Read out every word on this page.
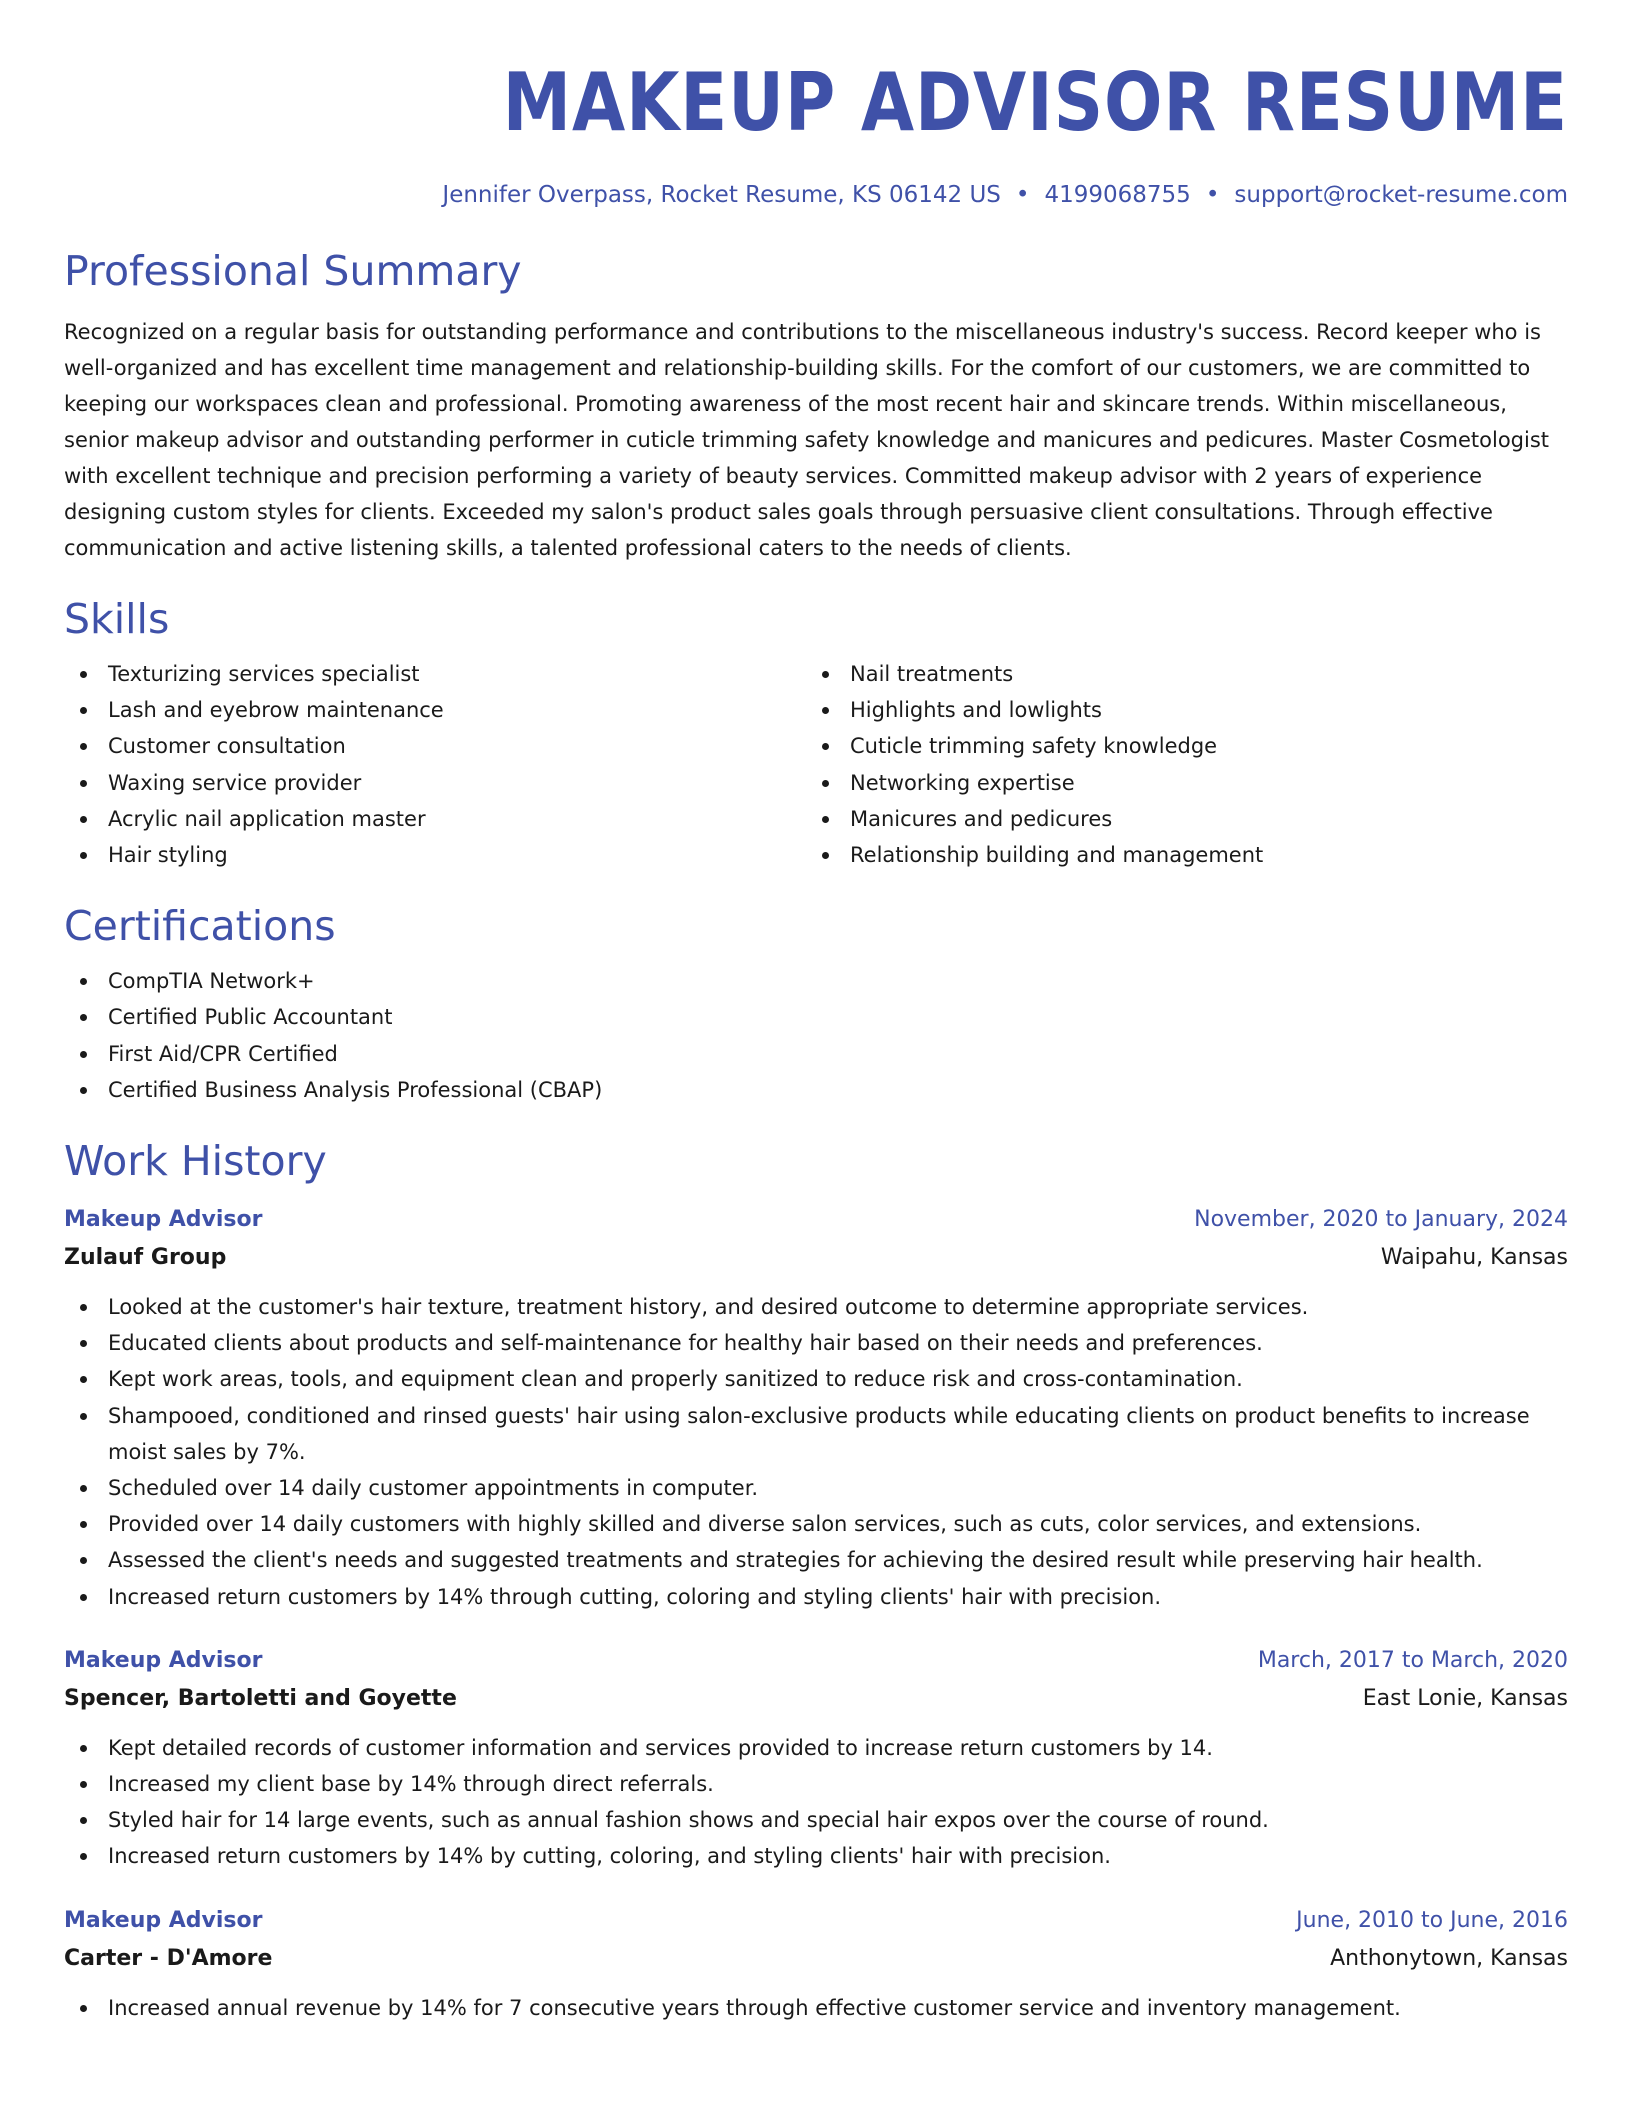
MAKEUP ADVISOR RESUME
Jennifer Overpass, Rocket Resume, KS 06142 US • 4199068755 • support@rocket-resume.com
Professional Summary

Recognized on a regular basis for outstanding performance and contributions to the miscellaneous industry's success. Record keeper who is well-organized and has excellent time management and relationship-building skills. For the comfort of our customers, we are committed to keeping our workspaces clean and professional. Promoting awareness of the most recent hair and skincare trends. Within miscellaneous, senior makeup advisor and outstanding performer in cuticle trimming safety knowledge and manicures and pedicures. Master Cosmetologist with excellent technique and precision performing a variety of beauty services. Committed makeup advisor with 2 years of experience designing custom styles for clients. Exceeded my salon's product sales goals through persuasive client consultations. Through effective communication and active listening skills, a talented professional caters to the needs of clients.

Skills
Texturizing services specialist
Lash and eyebrow maintenance
Customer consultation
Waxing service provider
Acrylic nail application master
Hair styling
Nail treatments
Highlights and lowlights
Cuticle trimming safety knowledge
Networking expertise
Manicures and pedicures
Relationship building and management
Certifications
CompTIA Network+
Certified Public Accountant
First Aid/CPR Certified
Certified Business Analysis Professional (CBAP)
Work History
Makeup Advisor	November, 2020 to January, 2024
Zulauf Group	Waipahu, Kansas
Looked at the customer's hair texture, treatment history, and desired outcome to determine appropriate services.
Educated clients about products and self-maintenance for healthy hair based on their needs and preferences.
Kept work areas, tools, and equipment clean and properly sanitized to reduce risk and cross-contamination.
Shampooed, conditioned and rinsed guests' hair using salon-exclusive products while educating clients on product benefits to increase moist sales by 7%.
Scheduled over 14 daily customer appointments in computer.
Provided over 14 daily customers with highly skilled and diverse salon services, such as cuts, color services, and extensions.
Assessed the client's needs and suggested treatments and strategies for achieving the desired result while preserving hair health.
Increased return customers by 14% through cutting, coloring and styling clients' hair with precision.
Makeup Advisor	March, 2017 to March, 2020
Spencer, Bartoletti and Goyette	East Lonie, Kansas
Kept detailed records of customer information and services provided to increase return customers by 14.
Increased my client base by 14% through direct referrals.
Styled hair for 14 large events, such as annual fashion shows and special hair expos over the course of round.
Increased return customers by 14% by cutting, coloring, and styling clients' hair with precision.
Makeup Advisor	June, 2010 to June, 2016
Carter - D'Amore	Anthonytown, Kansas
Increased annual revenue by 14% for 7 consecutive years through effective customer service and inventory management.
